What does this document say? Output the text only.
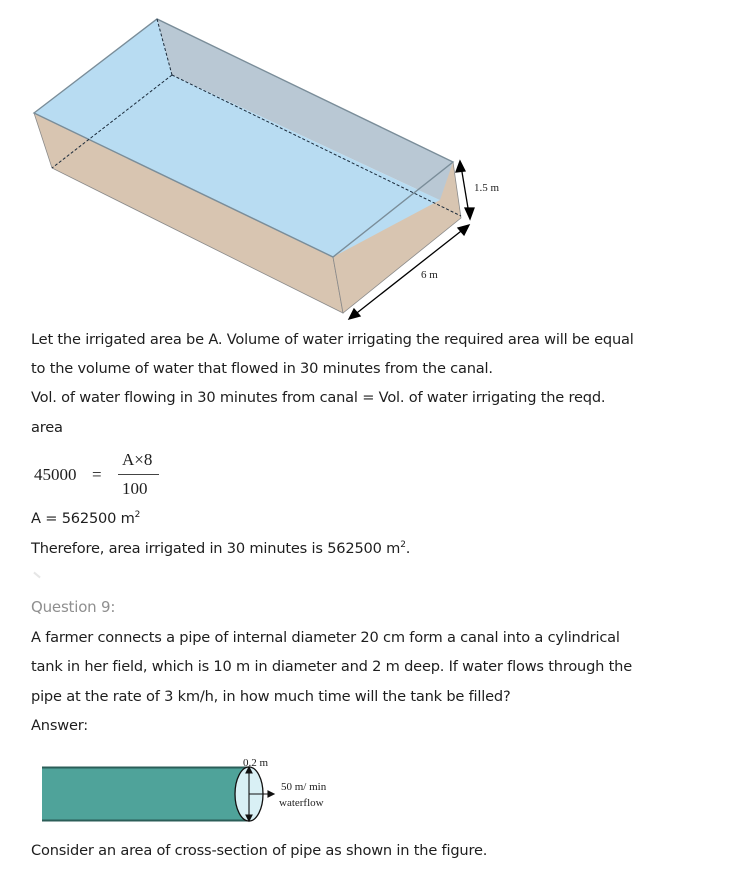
1.5 m
6 m
Let the irrigated area be A. Volume of water irrigating the required area will be equal
to the volume of water that flowed in 30 minutes from the canal.
Vol. of water flowing in 30 minutes from canal = Vol. of water irrigating the reqd.
area
45000 =
A×8
100
A = 562500 $m^2$
Therefore, area irrigated in 30 minutes is 562500 $m^2$.
Question 9:
A farmer connects a pipe of internal diameter 20 cm form a canal into a cylindrical
tank in her field, which is 10 m in diameter and 2 m deep. If water flows through the
pipe at the rate of 3 km/h, in how much time will the tank be filled?
Answer:
0.2 m
50 m/ min
waterflow
Consider an area of cross-section of pipe as shown in the figure.
